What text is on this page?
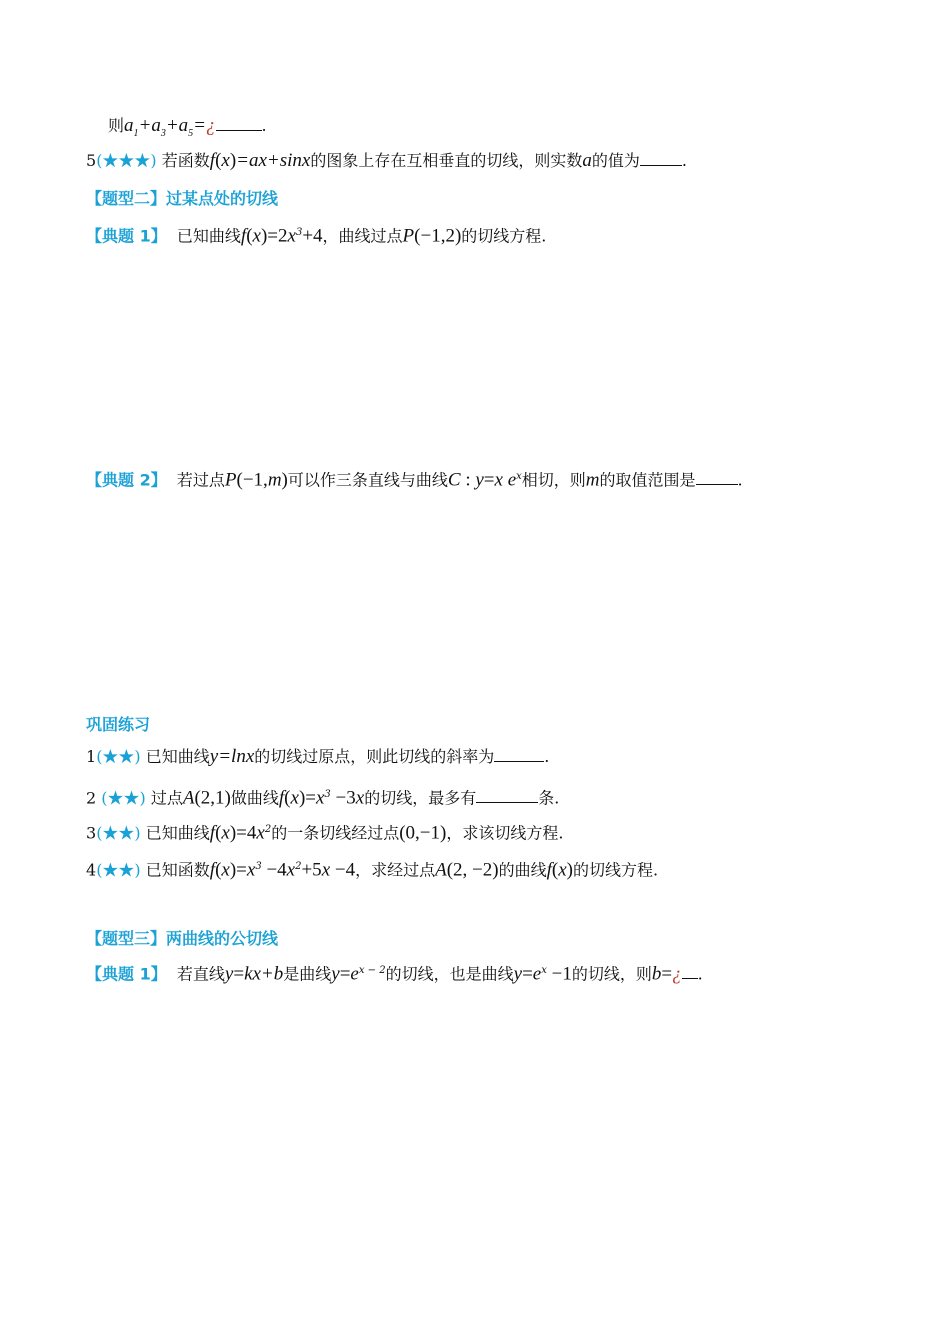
则$a_1+a_3+a_5=¿$	.
5(★★★) 若函数f(x)=ax+sinx的图象上存在互相垂直的切线，则实数a的值为	.
【题型二】过某点处的切线
【典题 1】 已知曲线$f(x)=2x^3+4$，曲线过点P(−1,2)的切线方程.
【典题 2】 若过点P(−1,m)可以作三条直线与曲线C : y=x $e^x$相切，则m的取值范围是	.
巩固练习
1(★★) 已知曲线y=lnx的切线过原点，则此切线的斜率为	.
2 (★★) 过点A(2,1)做曲线$f(x)=x^3 -3x$的切线，最多有	条.
3(★★) 已知曲线$f(x)=4x^2$的一条切线经过点(0,−1)，求该切线方程.
4(★★) 已知函数$f(x)=x^3 -4x^2+5x -4$，求经过点A(2, −2)的曲线f(x)的切线方程.
【题型三】两曲线的公切线
【典题 1】 若直线y=kx+b是曲线$y=e^{x - 2}$的切线，也是曲线$y=e^x -1$的切线，则b=¿ .
